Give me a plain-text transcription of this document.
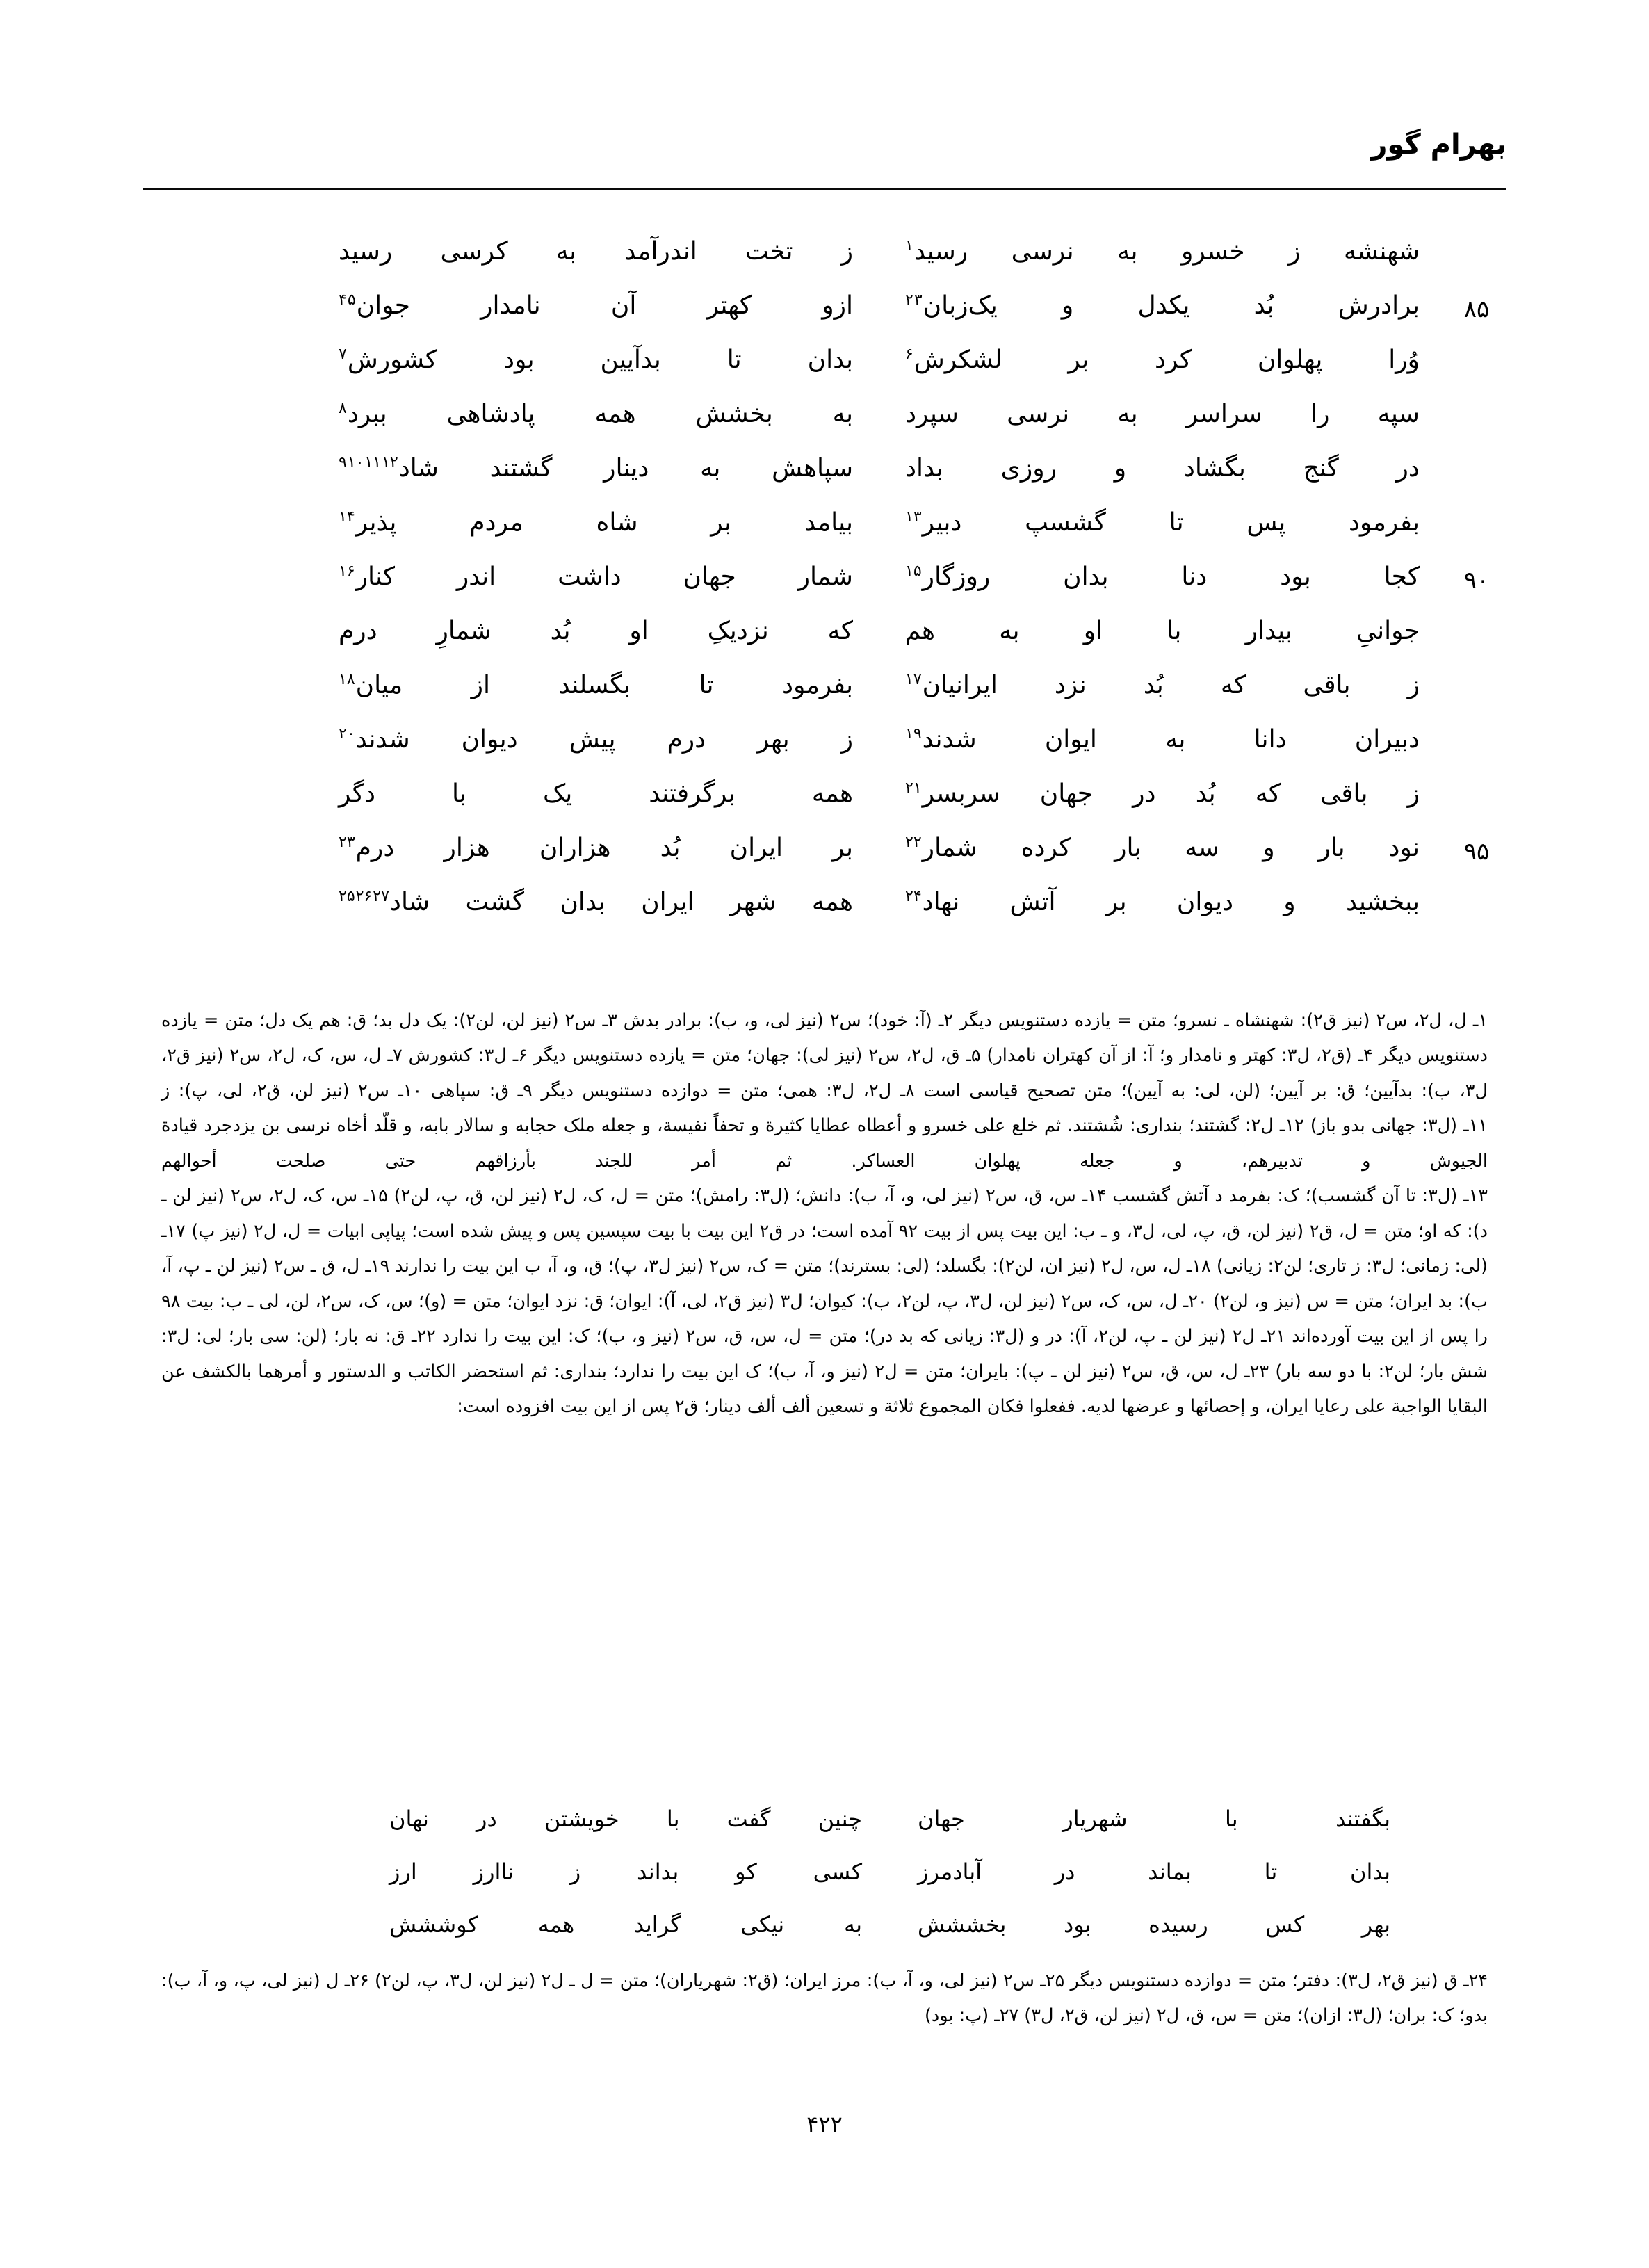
بهرام گور
شهنشه ز خسرو به نرسی رسید$^۱$
ز تخت اندرآمد به کرسی رسید
۸۵
برادرش بُد یکدل و یک‌زبان$^{۲۳}$
ازو کهتر آن نامدار جوان$^{۴۵}$
وُرا پهلوان کرد بر لشکرش$^۶$
بدان تا بدآیین بود کشورش$^۷$
سپه را سراسر به نرسی سپرد
به بخشش همه پادشاهی ببرد$^۸$
در گنج بگشاد و روزی بداد
سپاهش به دینار گشتند شاد$^{۹۱۰۱۱۱۲}$
بفرمود پس تا گشسپ دبیر$^{۱۳}$
بیامد بر شاه مردم پذیر$^{۱۴}$
۹۰
کجا بود دنا بدان روزگار$^{۱۵}$
شمار جهان داشت اندر کنار$^{۱۶}$
جوانیِ بیدار با او به هم
که نزدیکِ او بُد شمارِ درم
ز باقی که بُد نزد ایرانیان$^{۱۷}$
بفرمود تا بگسلند از میان$^{۱۸}$
دبیران دانا به ایوان شدند$^{۱۹}$
ز بهر درم پیش دیوان شدند$^{۲۰}$
ز باقی که بُد در جهان سربسر$^{۲۱}$
همه برگرفتند یک با دگر
۹۵
نود بار و سه بار کرده شمار$^{۲۲}$
بر ایران بُد هزاران هزار درم$^{۲۳}$
ببخشید و دیوان بر آتش نهاد$^{۲۴}$
همه شهر ایران بدان گشت شاد$^{۲۵۲۶۲۷}$

۱ـ ل، ل۲، س۲ (نیز ق۲): شهنشاه ـ نسرو؛ متن = یازده دستنویس دیگر ۲ـ (آ: خود)؛ س۲ (نیز لی، و، ب): برادر بدش ۳ـ س۲ (نیز لن، لن۲): یک دل بد؛ ق: هم یک دل؛ متن = یازده دستنویس دیگر ۴ـ (ق۲، ل۳: کهتر و نامدار و؛ آ: از آن کهتران نامدار) ۵ـ ق، ل۲، س۲ (نیز لی): جهان؛ متن = یازده دستنویس دیگر ۶ـ ل۳: کشورش ۷ـ ل، س، ک، ل۲، س۲ (نیز ق۲، ل۳، ب): بدآیین؛ ق: بر آیین؛ (لن، لی: به آیین)؛ متن تصحیح قیاسی است ۸ـ ل۲، ل۳: همی؛ متن = دوازده دستنویس دیگر ۹ـ ق: سپاهی ۱۰ـ س۲ (نیز لن، ق۲، لی، پ): ز

۱۱ـ (ل۳: جهانی بدو باز) ۱۲ـ ل۲: گشتند؛ بنداری: شُشتند. ثم خلع علی خسرو و أعطاه عطایا کثیرة و تحفاً نفیسة، و جعله ملک حجابه و سالار بابه، و قلّد أخاه نرسی بن یزدجرد قیادة الجیوش و تدبیرهم، و جعله پهلوان العساکر. ثم أمر للجند بأرزاقهم حتی صلحت أحوالهم

۱۳ـ (ل۳: تا آن گشسب)؛ ک: بفرمد د آتش گشسب ۱۴ـ س، ق، س۲ (نیز لی، و، آ، ب): دانش؛ (ل۳: رامش)؛ متن = ل، ک، ل۲ (نیز لن، ق، پ، لن۲) ۱۵ـ س، ک، ل۲، س۲ (نیز لن ـ د): که او؛ متن = ل، ق۲ (نیز لن، ق، پ، لی، ل۳، و ـ ب: این بیت پس از بیت ۹۲ آمده است؛ در ق۲ این بیت با بیت سپسین پس و پیش شده است؛ پیاپی ابیات = ل، ل۲ (نیز پ) ۱۷ـ (لی: زمانی؛ ل۳: ز تاری؛ لن۲: زیانی) ۱۸ـ ل، س، ل۲ (نیز ان، لن۲): بگسلد؛ (لی: بسترند)؛ متن = ک، س۲ (نیز ل۳، پ)؛ ق، و، آ، ب این بیت را ندارند ۱۹ـ ل، ق ـ س۲ (نیز لن ـ پ، آ، ب): بد ایران؛ متن = س (نیز و، لن۲) ۲۰ـ ل، س، ک، س۲ (نیز لن، ل۳، پ، لن۲، ب): کیوان؛ ل۳ (نیز ق۲، لی، آ): ایوان؛ ق: نزد ایوان؛ متن = (و)؛ س، ک، س۲، لن، لی ـ ب: بیت ۹۸ را پس از این بیت آورده‌اند ۲۱ـ ل۲ (نیز لن ـ پ، لن۲، آ): در و (ل۳: زیانی که بد در)؛ متن = ل، س، ق، س۲ (نیز و، ب)؛ ک: این بیت را ندارد ۲۲ـ ق: نه بار؛ (لن: سی بار؛ لی: ل۳: شش بار؛ لن۲: با دو سه بار) ۲۳ـ ل، س، ق، س۲ (نیز لن ـ پ): بایران؛ متن = ل۲ (نیز و، آ، ب)؛ ک این بیت را ندارد؛ بنداری: ثم استحضر الکاتب و الدستور و أمرهما بالکشف عن البقایا الواجبة علی رعایا ایران، و إحصائها و عرضها لدیه. ففعلوا فکان المجموع ثلاثة و تسعین ألف ألف دینار؛ ق۲ پس از این بیت افزوده است:

بگفتند با شهریار جهان
چنین گفت با خویشتن در نهان
بدان تا بماند در آبادمرز
کسی کو بداند ز ناارز ارز
بهر کس رسیده بود بخششش
به نیکی گراید همه کوششش

۲۴ـ ق (نیز ق۲، ل۳): دفتر؛ متن = دوازده دستنویس دیگر ۲۵ـ س۲ (نیز لی، و، آ، ب): مرز ایران؛ (ق۲: شهریاران)؛ متن = ل ـ ل۲ (نیز لن، ل۳، پ، لن۲) ۲۶ـ ل (نیز لی، پ، و، آ، ب): بدو؛ ک: بران؛ (ل۳: ازان)؛ متن = س، ق، ل۲ (نیز لن، ق۲، ل۳) ۲۷ـ (پ: بود)

۴۲۲
